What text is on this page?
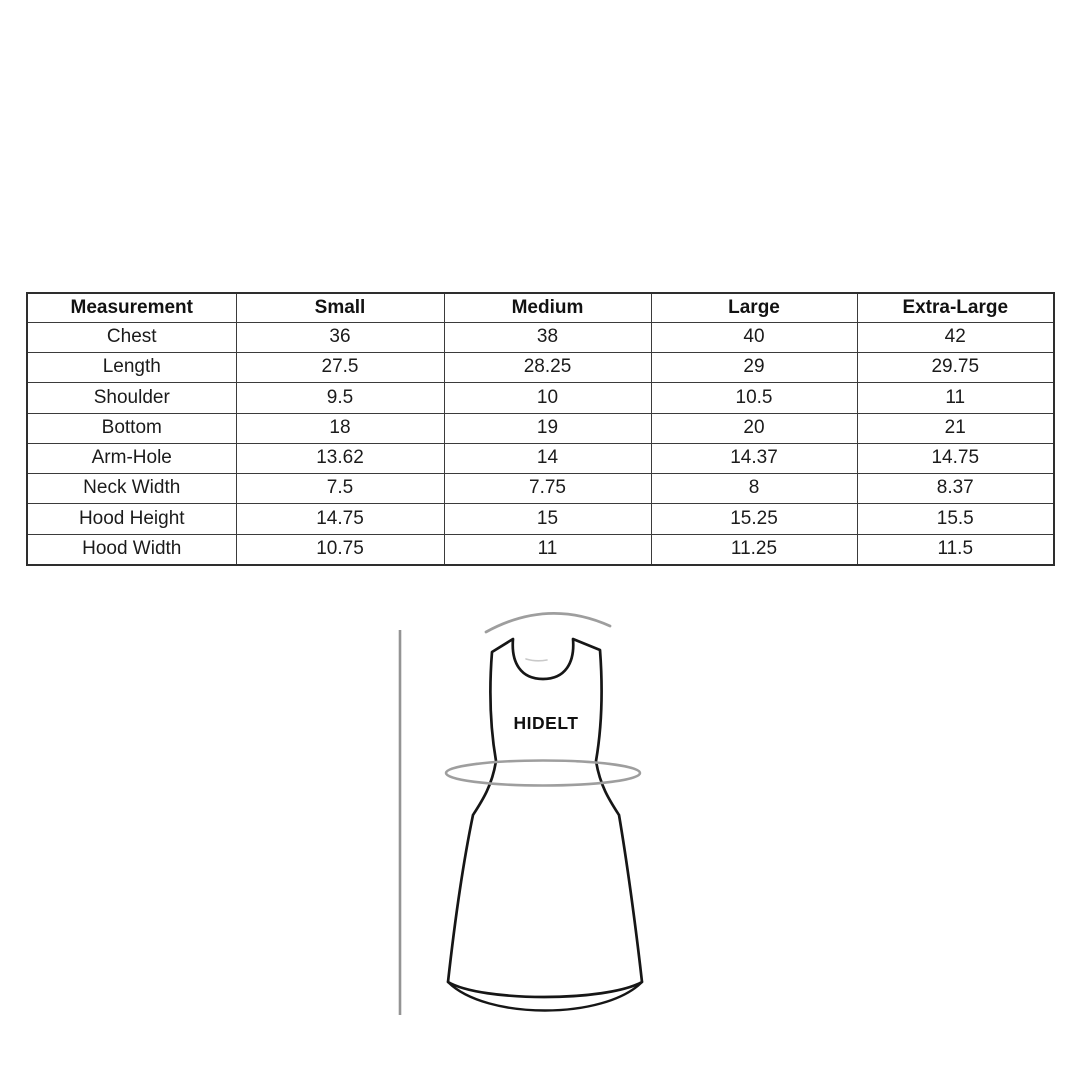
Measurement	Small	Medium	Large	Extra-Large
Chest	36	38	40	42
Length	27.5	28.25	29	29.75
Shoulder	9.5	10	10.5	11
Bottom	18	19	20	21
Arm-Hole	13.62	14	14.37	14.75
Neck Width	7.5	7.75	8	8.37
Hood Height	14.75	15	15.25	15.5
Hood Width	10.75	11	11.25	11.5
HIDELT
